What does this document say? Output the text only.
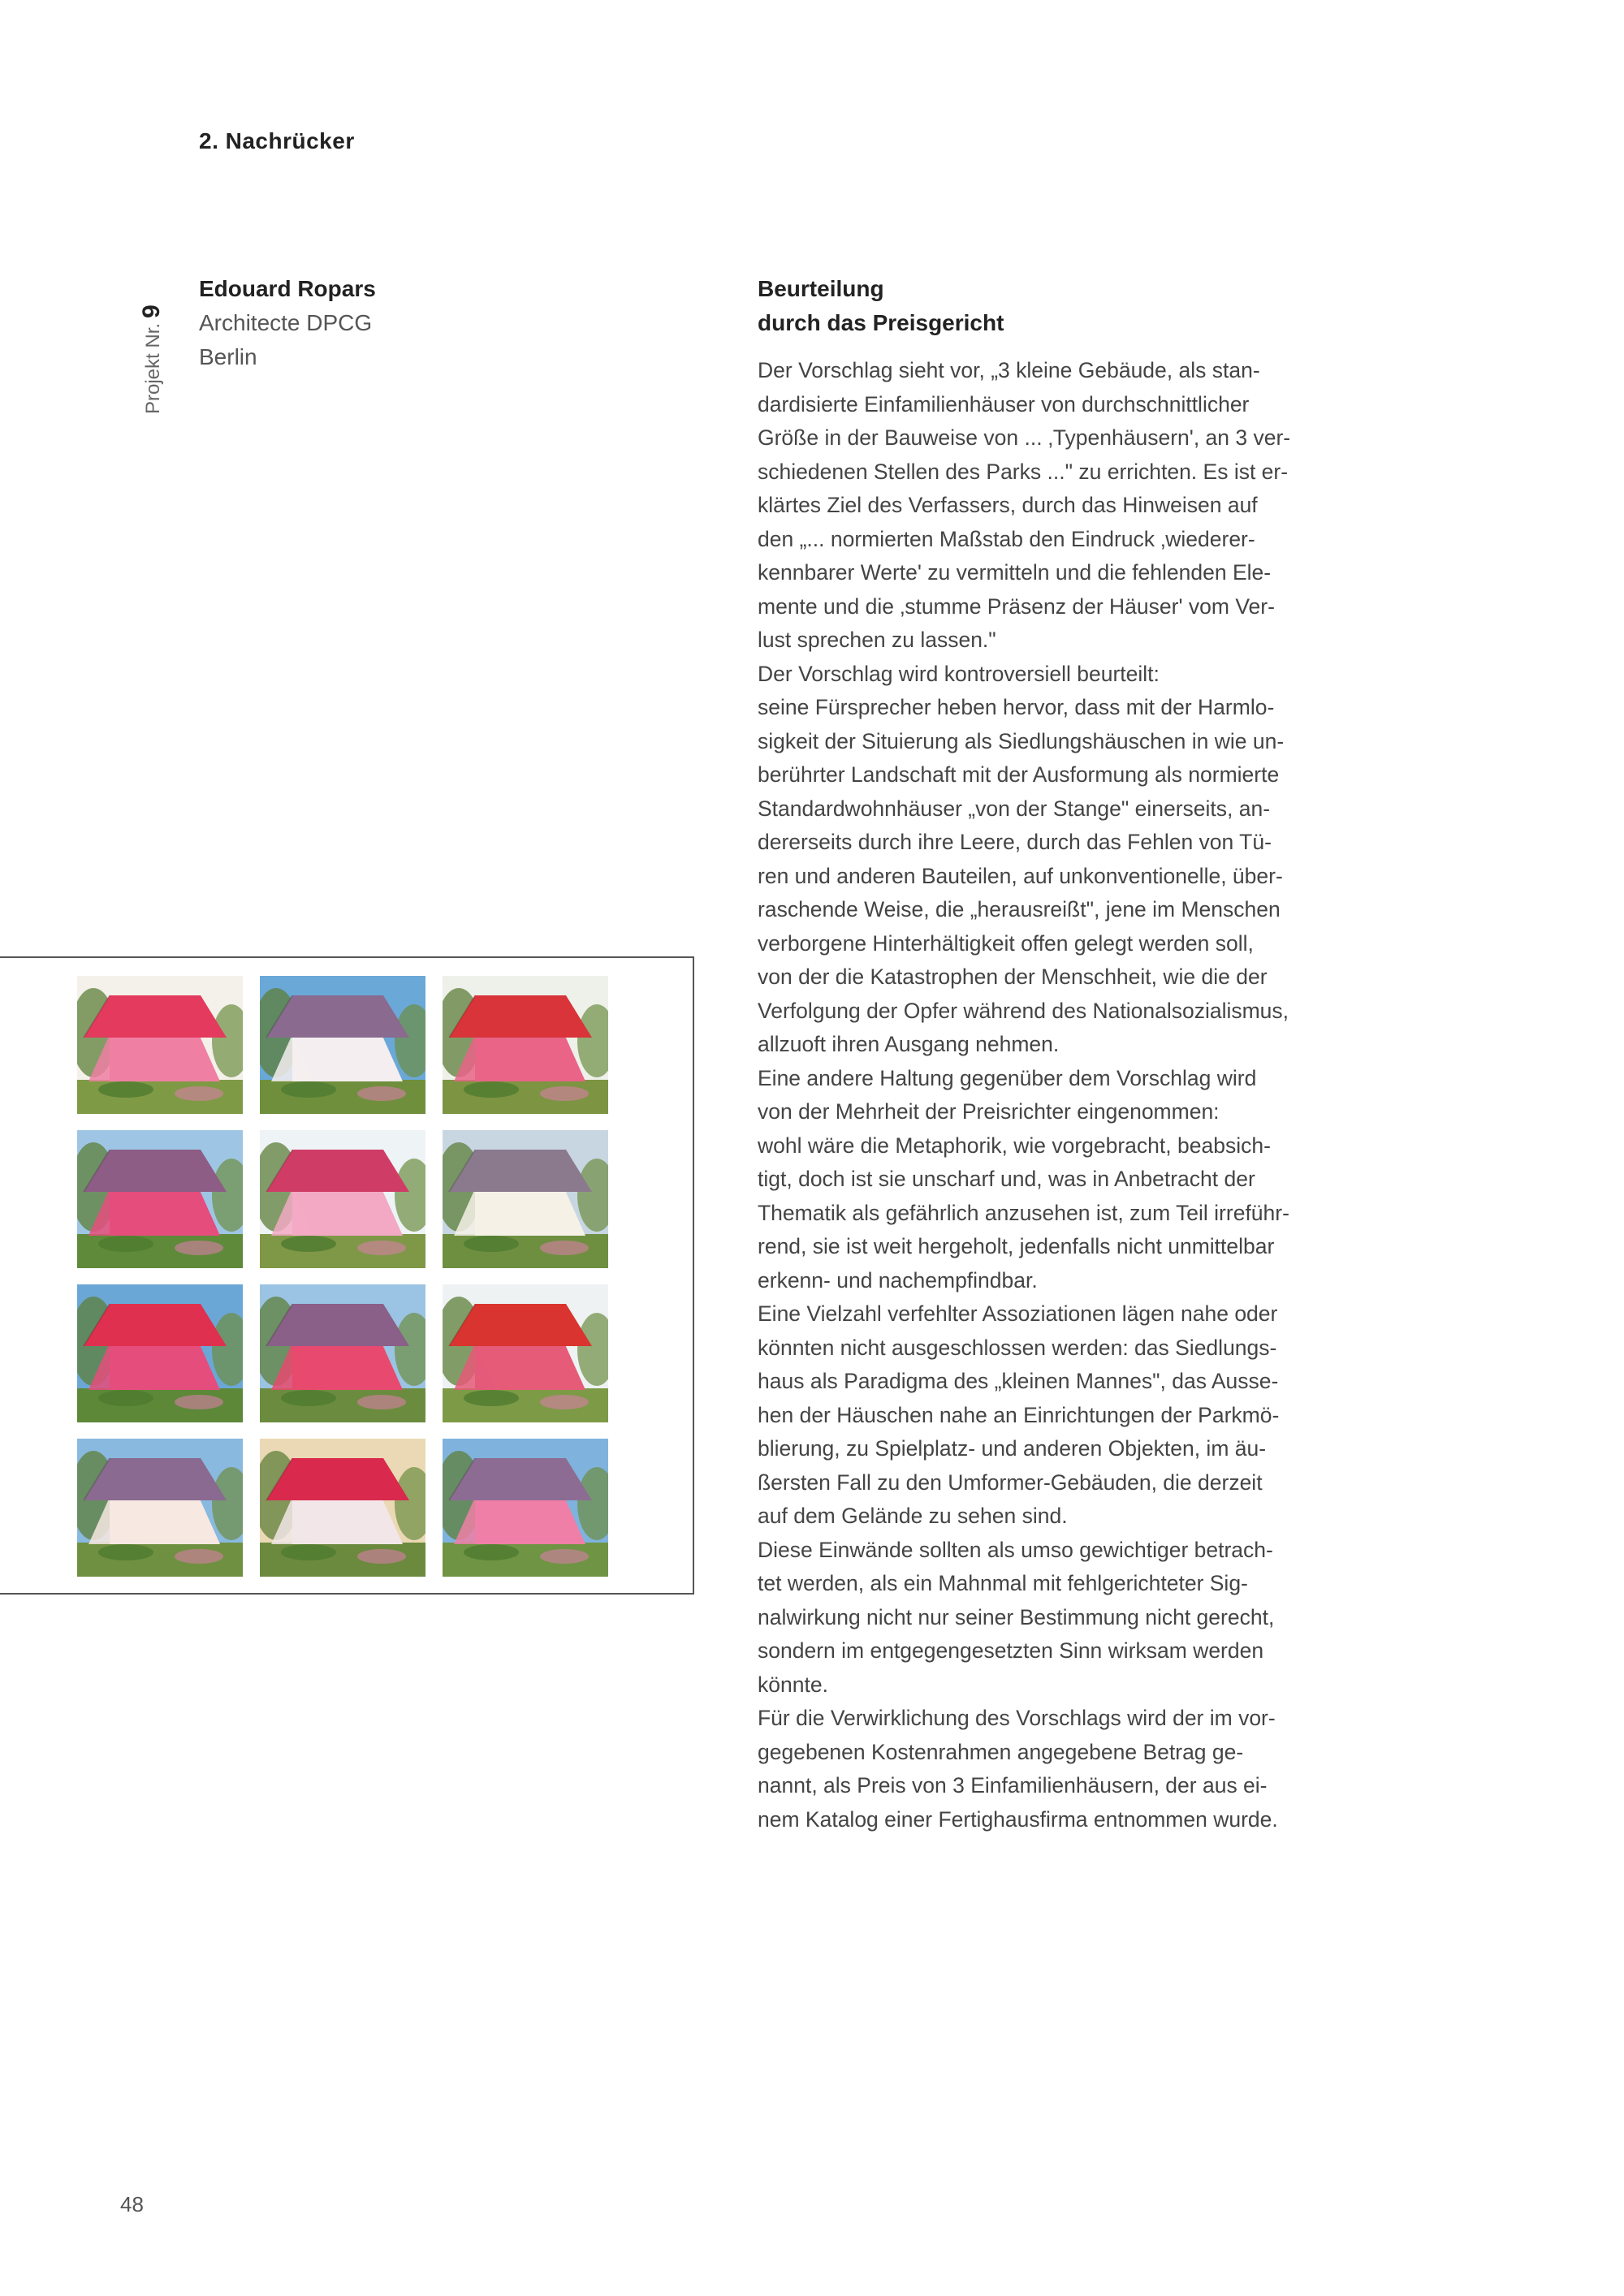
2. Nachrücker
Projekt Nr.
9
Edouard Ropars
Architecte DPCG
Berlin
Beurteilung
durch das Preisgericht
Der Vorschlag sieht vor, „3 kleine Gebäude, als stan-
dardisierte Einfamilienhäuser von durchschnittlicher
Größe in der Bauweise von ... ‚Typenhäusern', an 3 ver-
schiedenen Stellen des Parks ..." zu errichten. Es ist er-
klärtes Ziel des Verfassers, durch das Hinweisen auf
den „... normierten Maßstab den Eindruck ‚wiederer-
kennbarer Werte' zu vermitteln und die fehlenden Ele-
mente und die ‚stumme Präsenz der Häuser' vom Ver-
lust sprechen zu lassen."
Der Vorschlag wird kontroversiell beurteilt:
seine Fürsprecher heben hervor, dass mit der Harmlo-
sigkeit der Situierung als Siedlungshäuschen in wie un-
berührter Landschaft mit der Ausformung als normierte
Standardwohnhäuser „von der Stange" einerseits, an-
dererseits durch ihre Leere, durch das Fehlen von Tü-
ren und anderen Bauteilen, auf unkonventionelle, über-
raschende Weise, die „herausreißt", jene im Menschen
verborgene Hinterhältigkeit offen gelegt werden soll,
von der die Katastrophen der Menschheit, wie die der
Verfolgung der Opfer während des Nationalsozialismus,
allzuoft ihren Ausgang nehmen.
Eine andere Haltung gegenüber dem Vorschlag wird
von der Mehrheit der Preisrichter eingenommen:
wohl wäre die Metaphorik, wie vorgebracht, beabsich-
tigt, doch ist sie unscharf und, was in Anbetracht der
Thematik als gefährlich anzusehen ist, zum Teil irreführ-
rend, sie ist weit hergeholt, jedenfalls nicht unmittelbar
erkenn- und nachempfindbar.
Eine Vielzahl verfehlter Assoziationen lägen nahe oder
könnten nicht ausgeschlossen werden: das Siedlungs-
haus als Paradigma des „kleinen Mannes", das Ausse-
hen der Häuschen nahe an Einrichtungen der Parkmö-
blierung, zu Spielplatz- und anderen Objekten, im äu-
ßersten Fall zu den Umformer-Gebäuden, die derzeit
auf dem Gelände zu sehen sind.
Diese Einwände sollten als umso gewichtiger betrach-
tet werden, als ein Mahnmal mit fehlgerichteter Sig-
nalwirkung nicht nur seiner Bestimmung nicht gerecht,
sondern im entgegengesetzten Sinn wirksam werden
könnte.
Für die Verwirklichung des Vorschlags wird der im vor-
gegebenen Kostenrahmen angegebene Betrag ge-
nannt, als Preis von 3 Einfamilienhäusern, der aus ei-
nem Katalog einer Fertighausfirma entnommen wurde.
48
